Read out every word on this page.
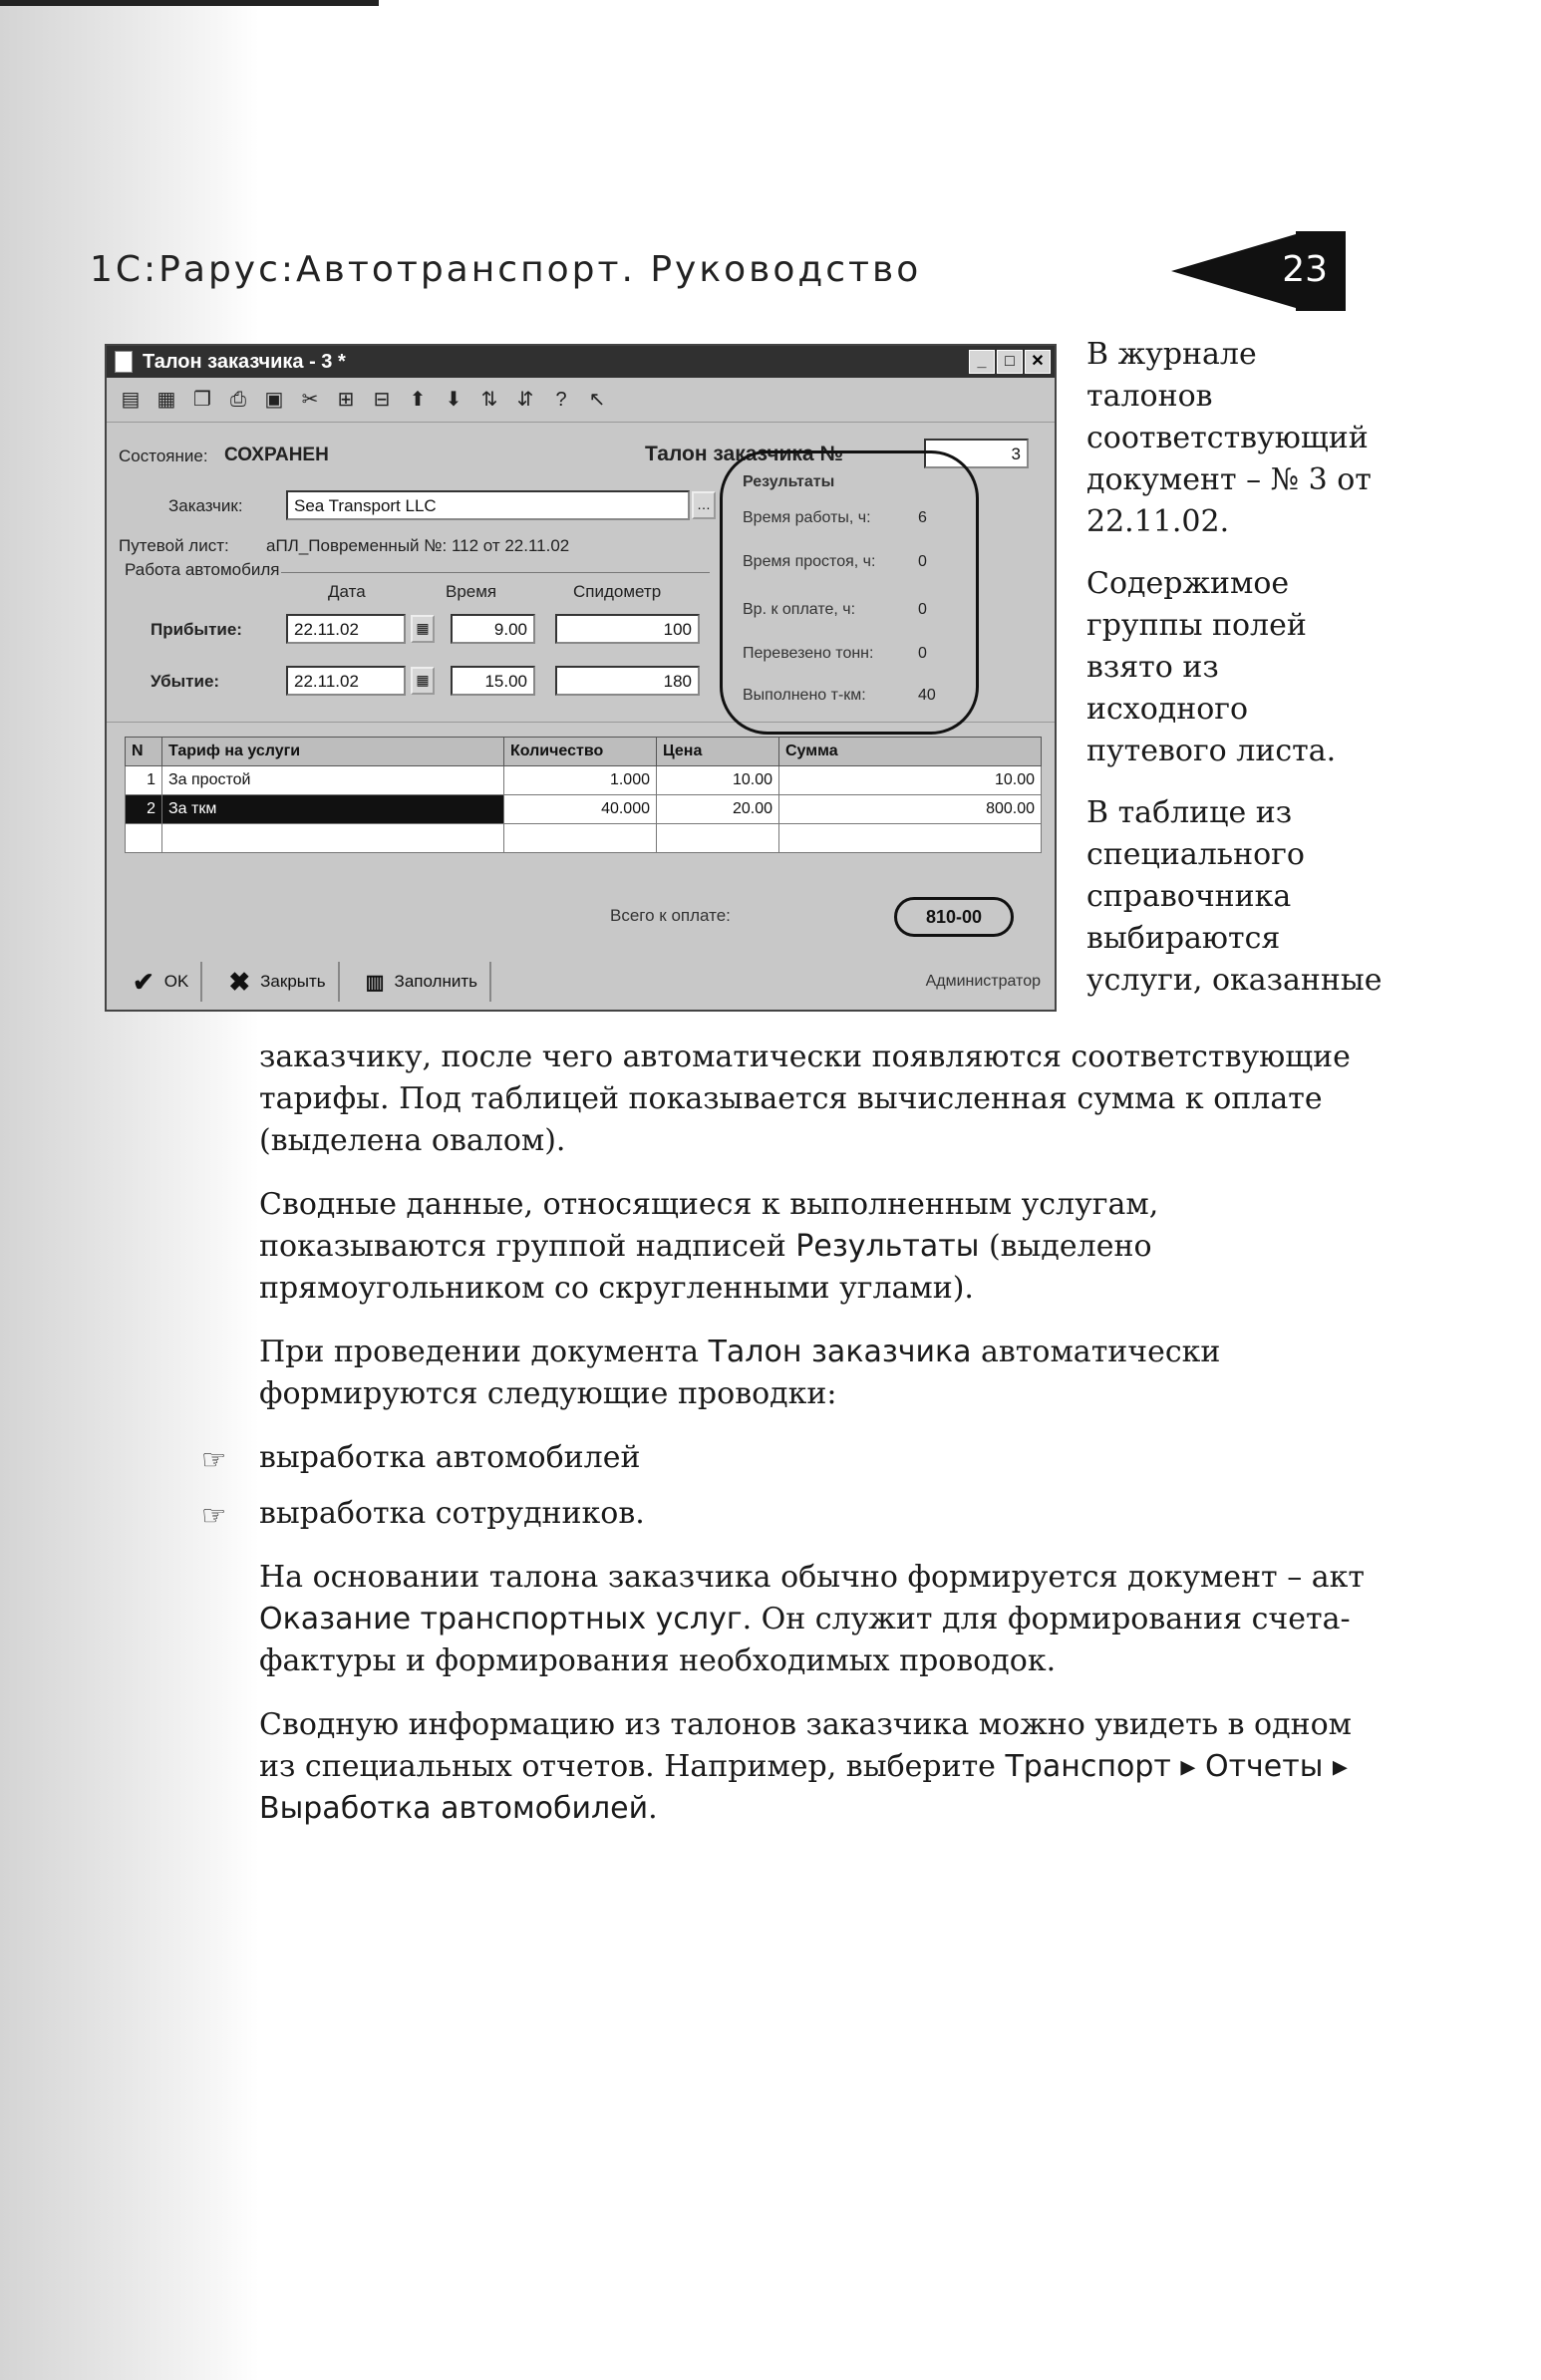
1С:Рарус:Автотранспорт. Руководство	23
Талон заказчика - 3 *	_	□	✕
▤ ▦ ❐ ⎙ ▣ ✂ ⊞ ⊟ ⬆ ⬇ ⇅ ⇵	?	↖
Состояние: СОХРАНЕН	Талон заказчика №	3
Заказчик:	Sea Transport LLC	…
Путевой лист: аПЛ_Повременный №: 112 от 22.11.02
Работа автомобиля
Дата	Время	Спидометр
Прибытие:	22.11.02	▦	9.00	100
Убытие:	22.11.02	▦	15.00	180
Результаты
Время работы, ч:	6
Время простоя, ч:	0
Вр. к оплате, ч:	0
Перевезено тонн:	0
Выполнено т-км:	40
N	Тариф на услуги	Количество	Цена	Сумма
1	За простой	1.000	10.00	10.00
2	За ткм	40.000	20.00	800.00

Всего к оплате:	810-00
✔ OK ✖ Закрыть ▥ Заполнить	Администратор

В журнале талонов соответствующий документ – № 3 от 22.11.02.

Содержимое группы полей взято из исходного путевого листа.

В таблице из специального справочника выбираются услуги, оказанные

заказчику, после чего автоматически появляются соответствующие тарифы. Под таблицей показывается вычисленная сумма к оплате (выделена овалом).

Сводные данные, относящиеся к выполненным услугам, показываются группой надписей Результаты (выделено прямоугольником со скругленными углами).

При проведении документа Талон заказчика автоматически формируются следующие проводки:

☞ выработка автомобилей
☞ выработка сотрудников.

На основании талона заказчика обычно формируется документ – акт Оказание транспортных услуг. Он служит для формирования счета-фактуры и формирования необходимых проводок.

Сводную информацию из талонов заказчика можно увидеть в одном из специальных отчетов. Например, выберите Транспорт ▸ Отчеты ▸ Выработка автомобилей.
